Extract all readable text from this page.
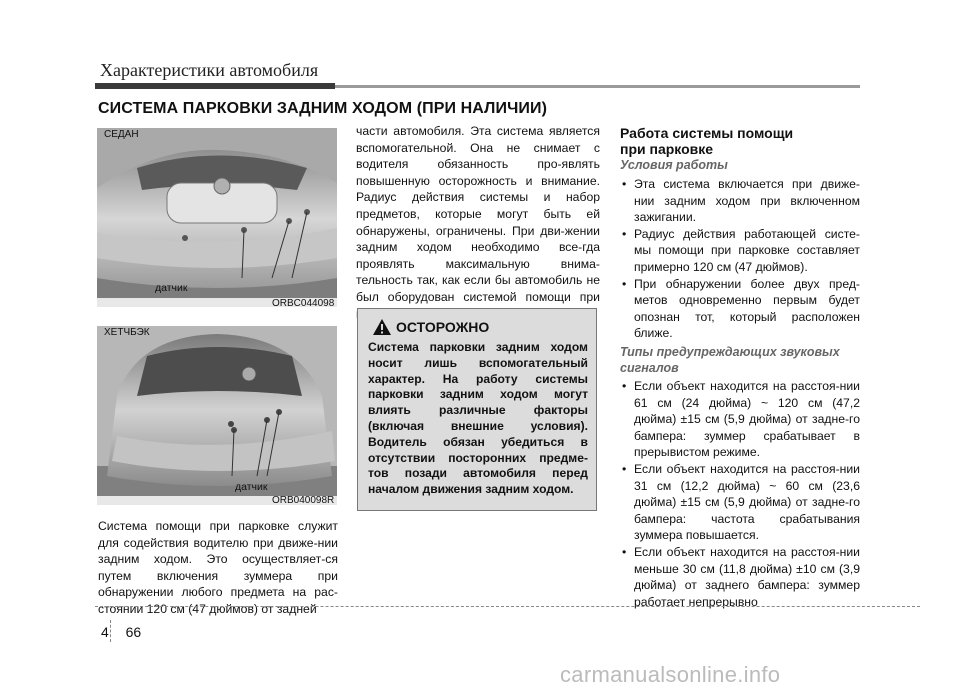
Характеристики автомобиля
СИСТЕМА ПАРКОВКИ ЗАДНИМ ХОДОМ (ПРИ НАЛИЧИИ)
СЕДАН
датчик
ORBC044098
ХЕТЧБЭК
датчик
ORB040098R
Система помощи при парковке служит для содействия водителю при движе-нии задним ходом. Это осуществляет-ся путем включения зуммера при обнаружении любого предмета на рас-стоянии 120 см (47 дюймов) от задней
части автомобиля. Эта система является вспомогательной. Она не снимает с водителя обязанность про-являть повышенную осторожность и внимание. Радиус действия системы и набор предметов, которые могут быть ей обнаружены, ограничены. При дви-жении задним ходом необходимо все-гда проявлять максимальную внима-тельность так, как если бы автомобиль не был оборудован системой помощи при
ОСТОРОЖНО
Система парковки задним ходом носит лишь вспомогательный характер. На работу системы парковки задним ходом могут влиять различные факторы (включая внешние условия). Водитель обязан убедиться в отсутствии посторонних предме-тов позади автомобиля перед началом движения задним ходом.
Работа системы помощи
при парковке
Условия работы
• Эта система включается при движе-нии задним ходом при включенном зажигании.
• Радиус действия работающей систе-мы помощи при парковке составляет примерно 120 см (47 дюймов).
• При обнаружении более двух пред-метов одновременно первым будет опознан тот, который расположен ближе.
Типы предупреждающих звуковых
сигналов
• Если объект находится на расстоя-нии 61 см (24 дюйма) ~ 120 см (47,2 дюйма) ±15 см (5,9 дюйма) от задне-го бампера: зуммер срабатывает в прерывистом режиме.
• Если объект находится на расстоя-нии 31 см (12,2 дюйма) ~ 60 см (23,6 дюйма) ±15 см (5,9 дюйма) от задне-го бампера: частота срабатывания зуммера повышается.
• Если объект находится на расстоя-нии меньше 30 см (11,8 дюйма) ±10 см (3,9 дюйма) от заднего бампера: зуммер работает непрерывно
4 66
carmanualsonline.info
